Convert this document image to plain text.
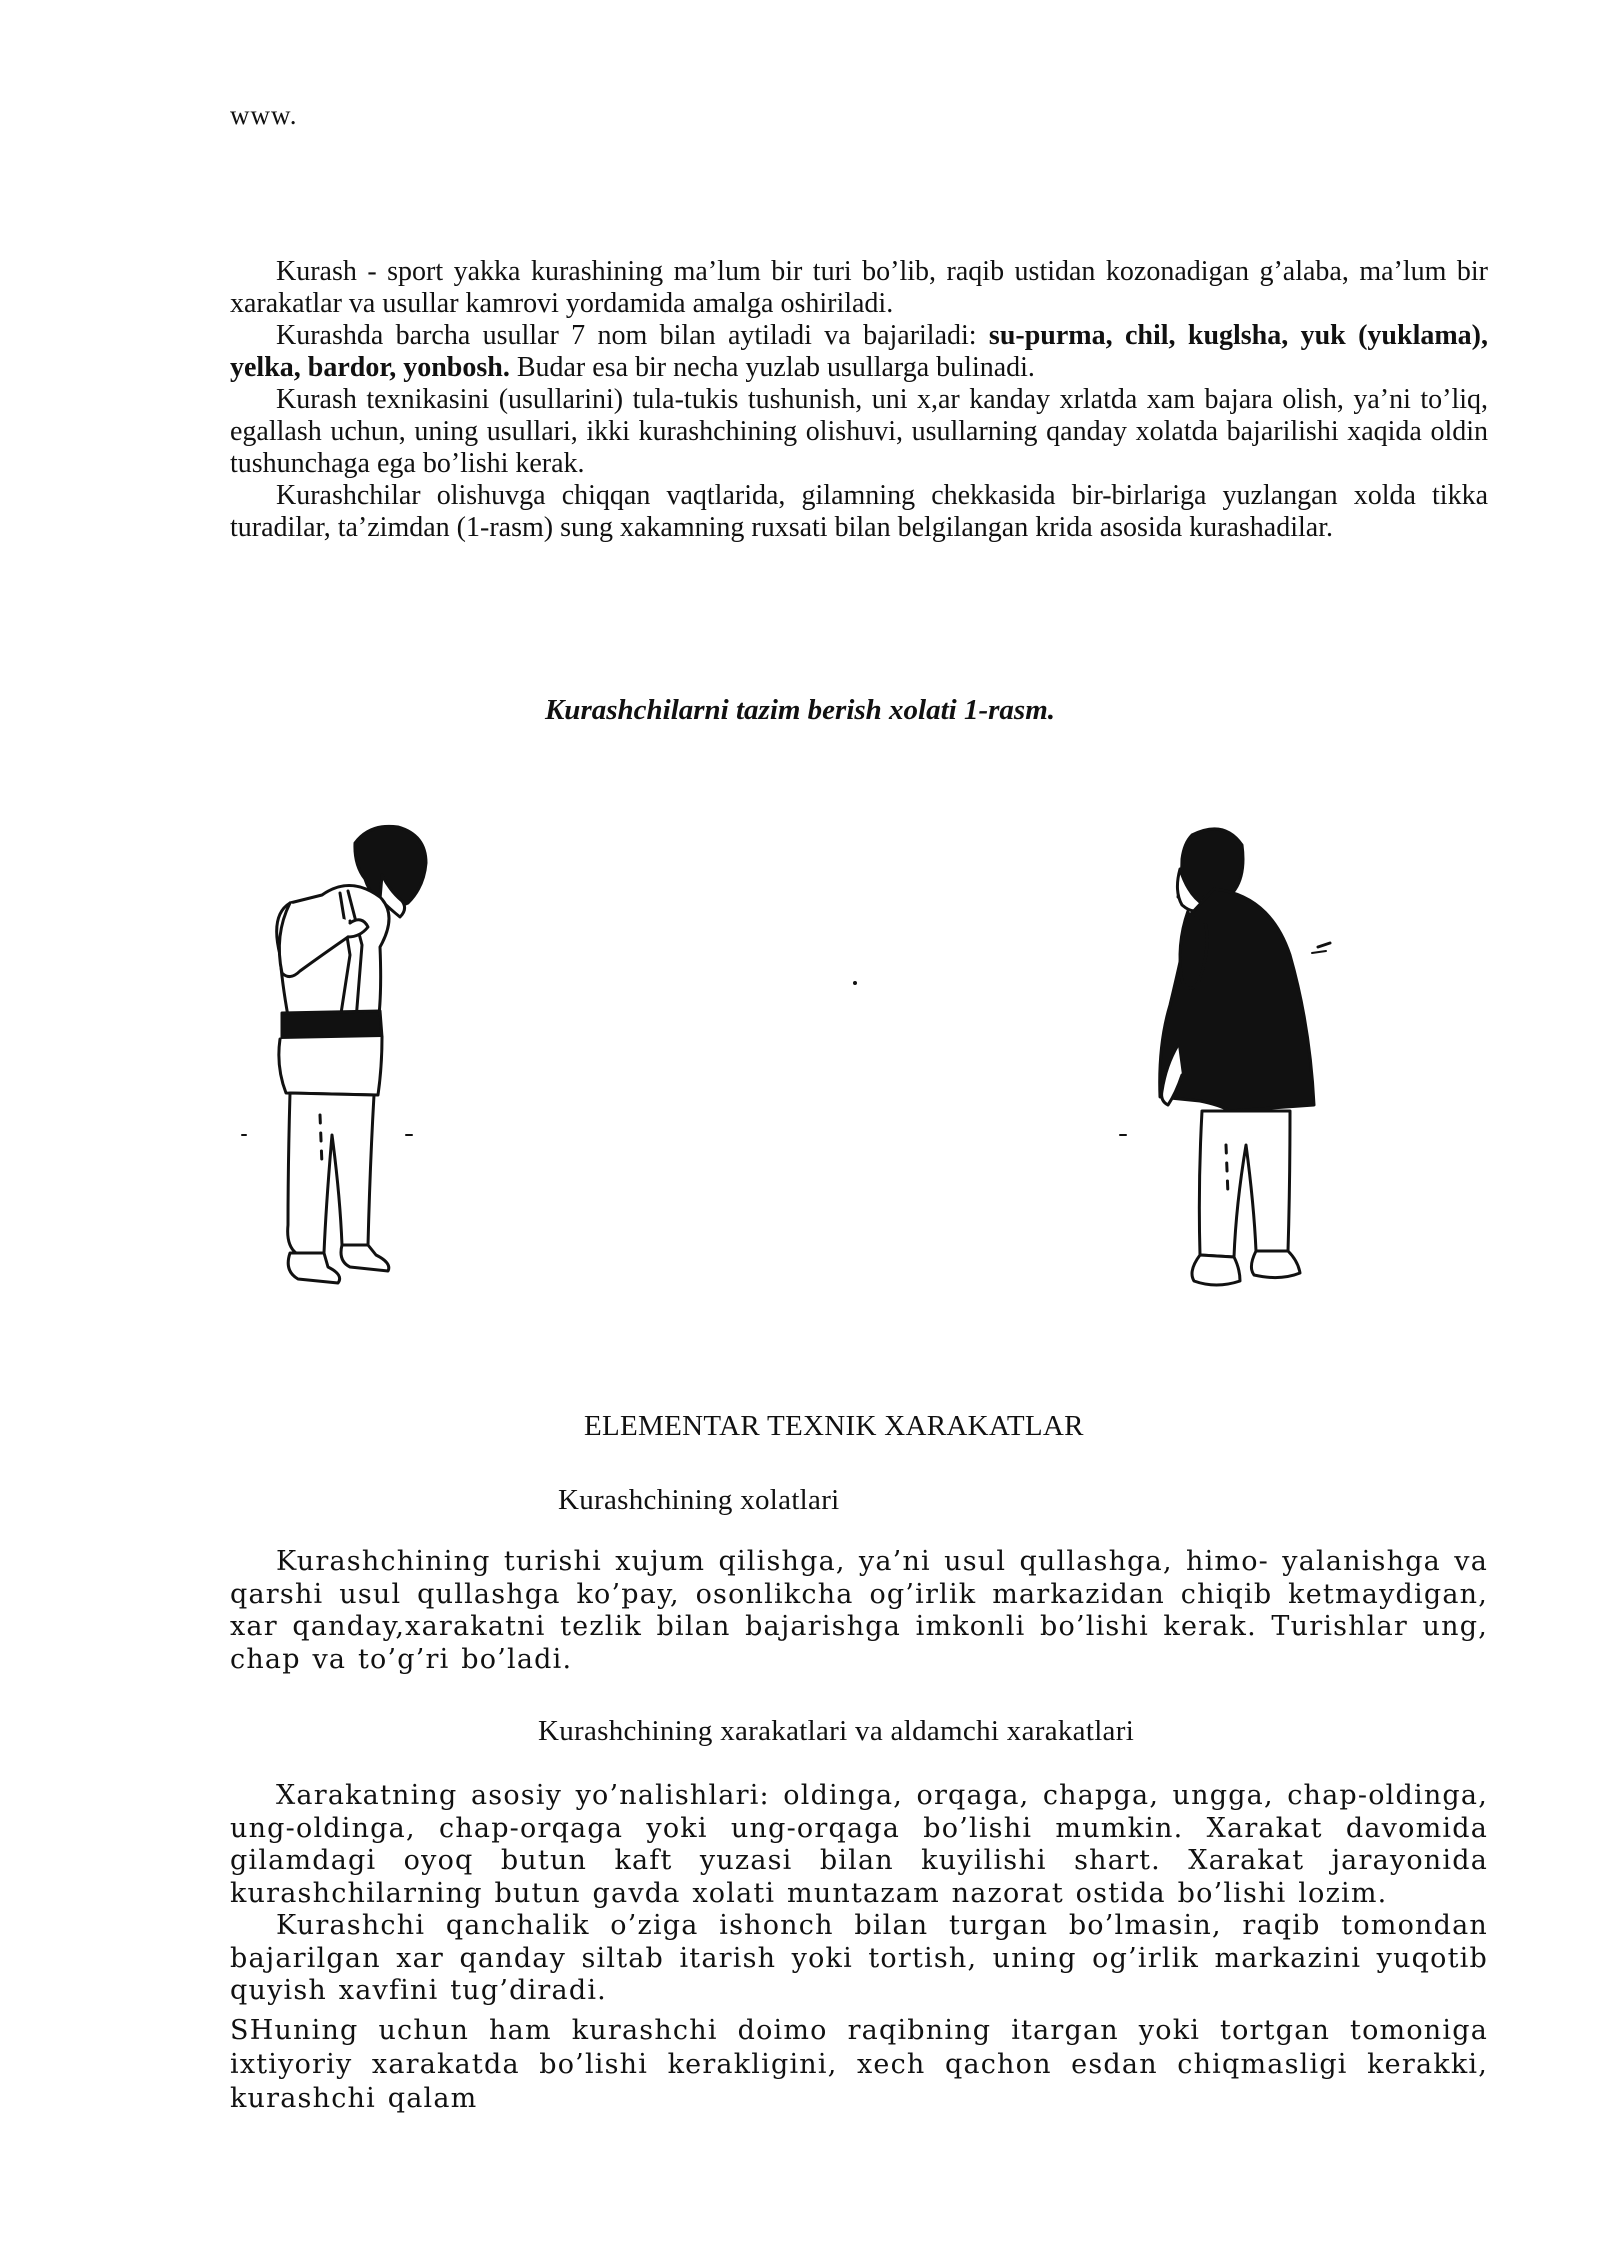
www.

Kurash - sport yakka kurashining ma’lum bir turi bo’lib, raqib ustidan kozonadigan g’alaba, ma’lum bir xarakatlar va usullar kamrovi yordamida amalga oshiriladi.

Kurashda barcha usullar 7 nom bilan aytiladi va bajariladi: su-purma, chil, kuglsha, yuk (yuklama), yelka, bardor, yonbosh. Budar esa bir necha yuzlab usullarga bulinadi.

Kurash texnikasini (usullarini) tula-tukis tushunish, uni x,ar kanday xrlatda xam bajara olish, ya’ni to’liq, egallash uchun, uning usullari, ikki kurashchining olishuvi, usullarning qanday xolatda bajarilishi xaqida oldin tushunchaga ega bo’lishi kerak.

Kurashchilar olishuvga chiqqan vaqtlarida, gilamning chekkasida bir-birlariga yuzlangan xolda tikka turadilar, ta’zimdan (1-rasm) sung xakamning ruxsati bilan belgilangan krida asosida kurashadilar.

Kurashchilarni tazim berish xolati 1-rasm.
ELEMENTAR TEXNIK XARAKATLAR
Kurashchining xolatlari

Kurashchining turishi xujum qilishga, ya’ni usul qullashga, himo- yalanishga va qarshi usul qullashga ko’pay, osonlikcha og’irlik markazidan chiqib ketmaydigan, xar qanday,xarakatni tezlik bilan bajarishga imkonli bo’lishi kerak. Turishlar ung, chap va to’g’ri bo’ladi.

Kurashchining xarakatlari va aldamchi xarakatlari

Xarakatning asosiy yo’nalishlari: oldinga, orqaga, chapga, ungga, chap-oldinga, ung-oldinga, chap-orqaga yoki ung-orqaga bo’lishi mumkin. Xarakat davomida gilamdagi oyoq butun kaft yuzasi bilan kuyilishi shart. Xarakat jarayonida kurashchilarning butun gavda xolati muntazam nazorat ostida bo’lishi lozim.

Kurashchi qanchalik o’ziga ishonch bilan turgan bo’lmasin, raqib tomondan bajarilgan xar qanday siltab itarish yoki tortish, uning og’irlik markazini yuqotib quyish xavfini tug’diradi.

SHuning uchun ham kurashchi doimo raqibning itargan yoki tortgan tomoniga ixtiyoriy xarakatda bo’lishi kerakligini, xech qachon esdan chiqmasligi kerakki, kurashchi qalam
